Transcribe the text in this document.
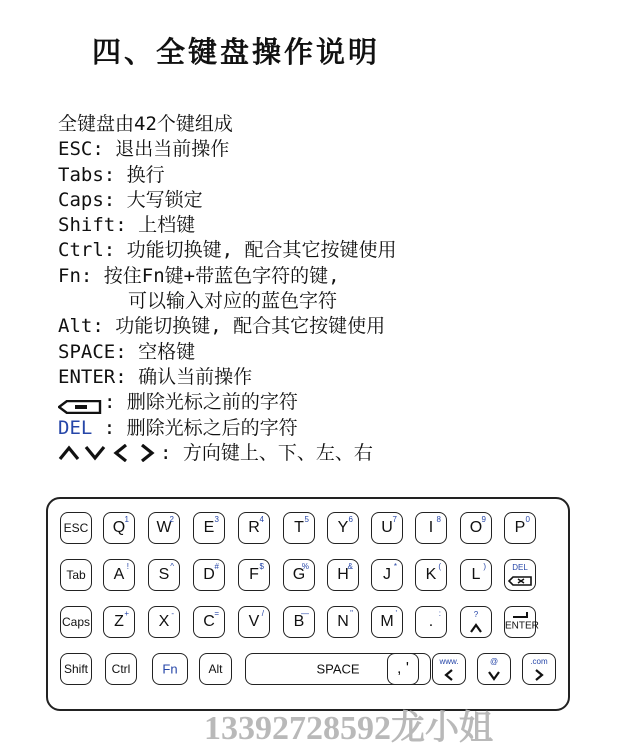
四、全键盘操作说明
全键盘由42个键组成
ESC: 退出当前操作
Tabs: 换行
Caps: 大写锁定
Shift: 上档键
Ctrl: 功能切换键, 配合其它按键使用
Fn: 按住Fn键+带蓝色字符的键,
可以输入对应的蓝色字符
Alt: 功能切换键, 配合其它按键使用
SPACE: 空格键
ENTER: 确认当前操作
: 删除光标之前的字符
DEL : 删除光标之后的字符
: 方向键上、下、左、右
ESC	Q 1	W
2	E 3	R 4	T 5	Y 6	U 7	I 8	O 9	P 0
Tab	A !	S ^	D #	F $	G
%	H
&	J *	K (	L )	DEL
Caps	Z +	X -	C =	V /	B
—	N "	M '	. :	?
ENTER
Shift	Ctrl	Fn	Alt	SPACE	, '	www.	@	.com
13392728592龙小姐
